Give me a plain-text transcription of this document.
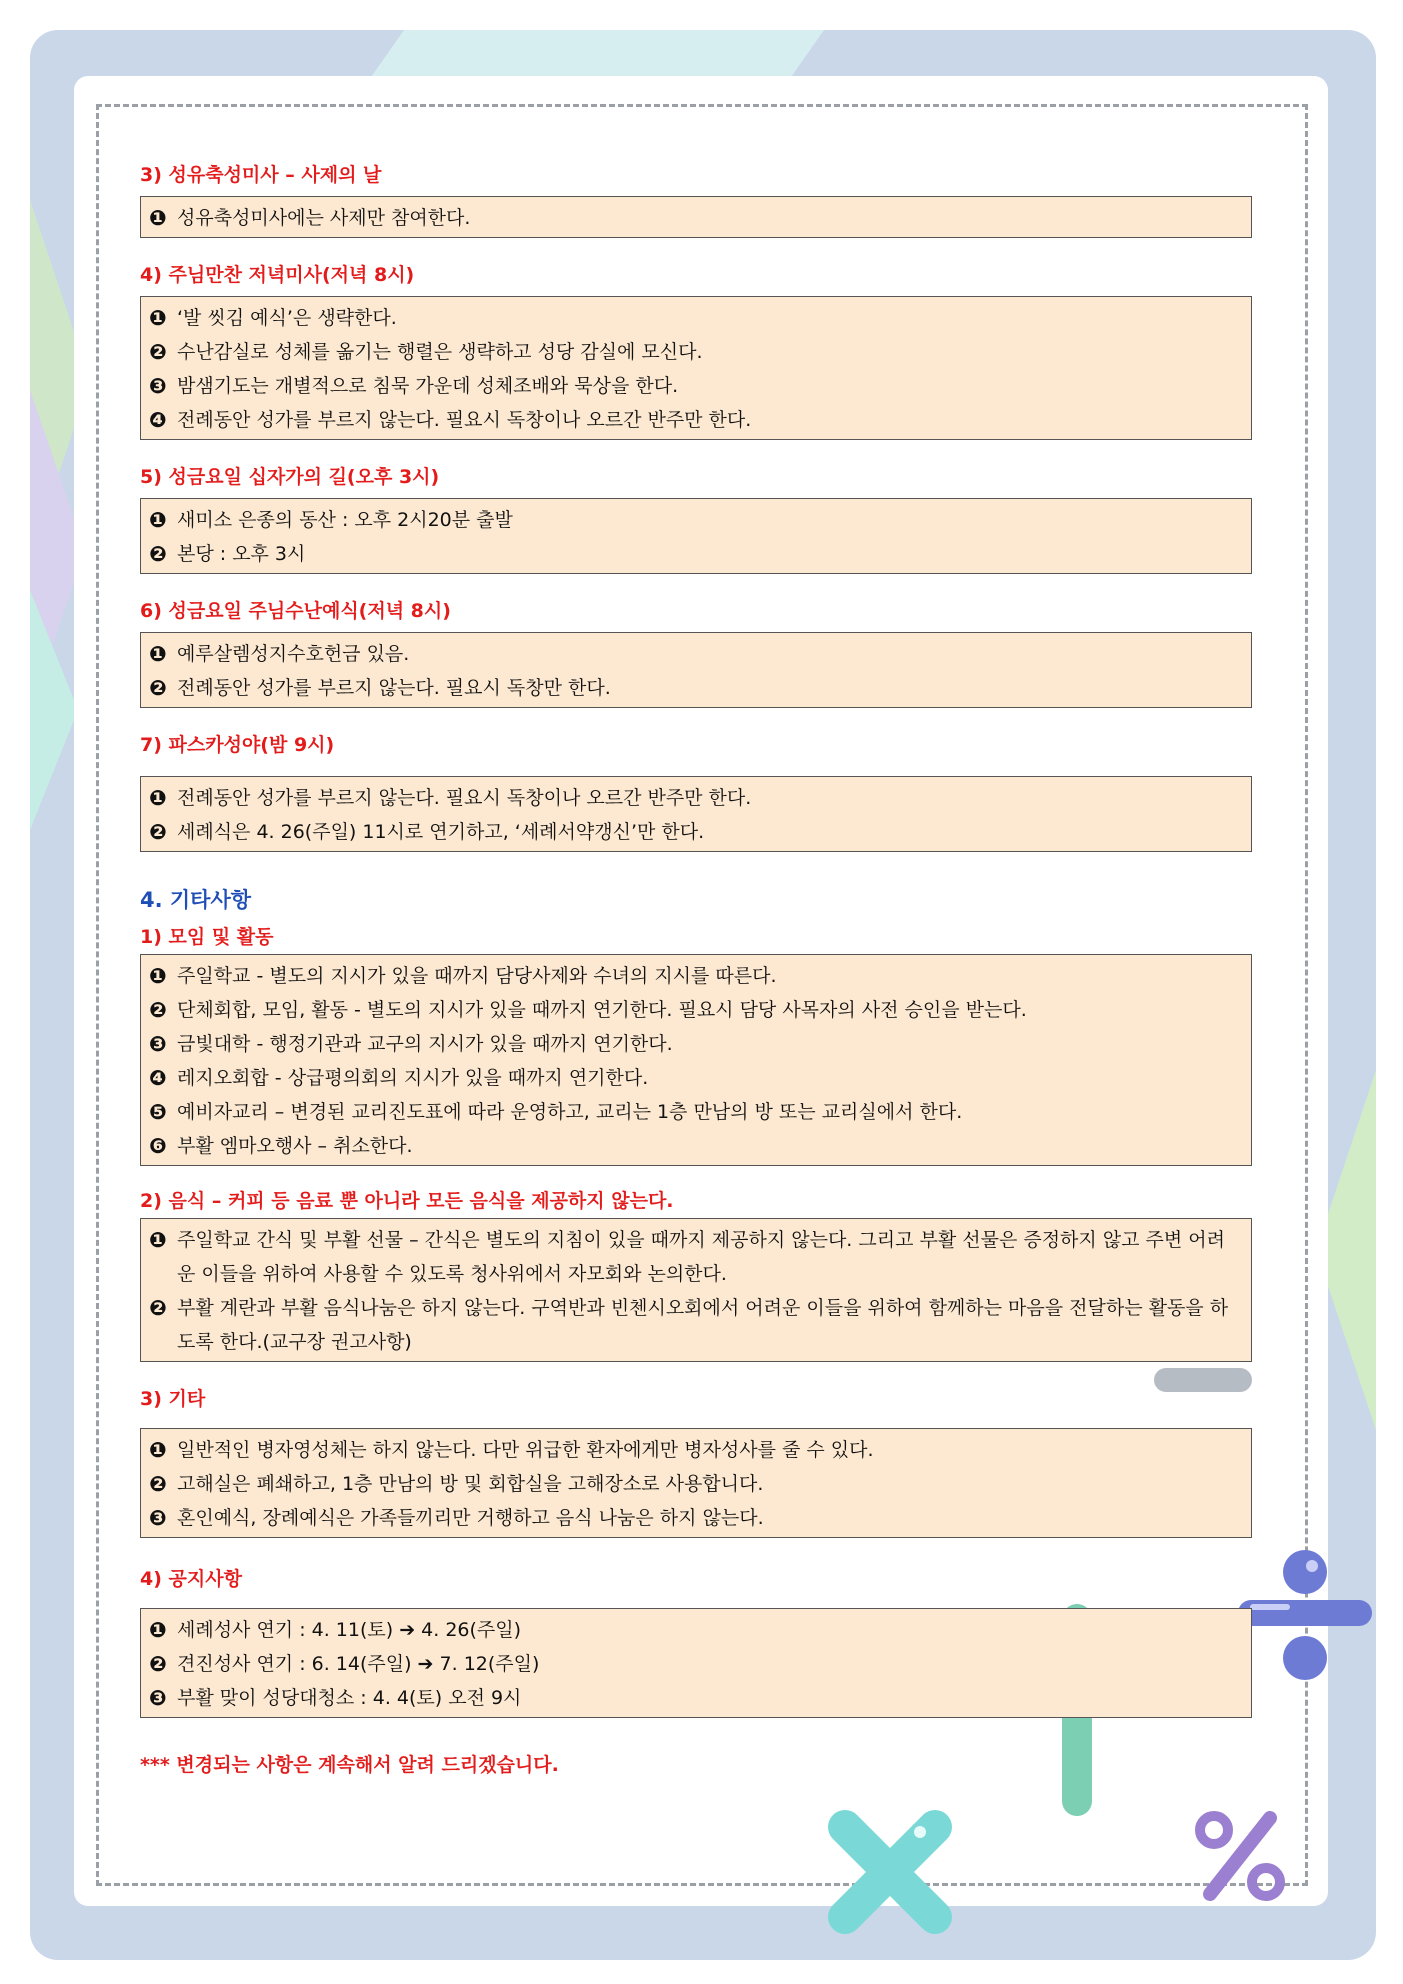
3) 성유축성미사 – 사제의 날
❶ 성유축성미사에는 사제만 참여한다.
4) 주님만찬 저녁미사(저녁 8시)
❶ ‘발 씻김 예식’은 생략한다.
❷ 수난감실로 성체를 옮기는 행렬은 생략하고 성당 감실에 모신다.
❸ 밤샘기도는 개별적으로 침묵 가운데 성체조배와 묵상을 한다.
❹ 전례동안 성가를 부르지 않는다. 필요시 독창이나 오르간 반주만 한다.
5) 성금요일 십자가의 길(오후 3시)
❶ 새미소 은종의 동산 : 오후 2시20분 출발
❷ 본당 : 오후 3시
6) 성금요일 주님수난예식(저녁 8시)
❶ 예루살렘성지수호헌금 있음.
❷ 전례동안 성가를 부르지 않는다. 필요시 독창만 한다.
7) 파스카성야(밤 9시)
❶ 전례동안 성가를 부르지 않는다. 필요시 독창이나 오르간 반주만 한다.
❷ 세례식은 4. 26(주일) 11시로 연기하고, ‘세례서약갱신’만 한다.
4. 기타사항
1) 모임 및 활동
❶ 주일학교 - 별도의 지시가 있을 때까지 담당사제와 수녀의 지시를 따른다.
❷ 단체회합, 모임, 활동 - 별도의 지시가 있을 때까지 연기한다. 필요시 담당 사목자의 사전 승인을 받는다.
❸ 금빛대학 - 행정기관과 교구의 지시가 있을 때까지 연기한다.
❹ 레지오회합 - 상급평의회의 지시가 있을 때까지 연기한다.
❺ 예비자교리 – 변경된 교리진도표에 따라 운영하고, 교리는 1층 만남의 방 또는 교리실에서 한다.
❻ 부활 엠마오행사 – 취소한다.
2) 음식 – 커피 등 음료 뿐 아니라 모든 음식을 제공하지 않는다.
❶ 주일학교 간식 및 부활 선물 – 간식은 별도의 지침이 있을 때까지 제공하지 않는다. 그리고 부활 선물은 증정하지 않고 주변 어려운 이들을 위하여 사용할 수 있도록 청사위에서 자모회와 논의한다.
❷ 부활 계란과 부활 음식나눔은 하지 않는다. 구역반과 빈첸시오회에서 어려운 이들을 위하여 함께하는 마음을 전달하는 활동을 하도록 한다.(교구장 권고사항)
3) 기타
❶ 일반적인 병자영성체는 하지 않는다. 다만 위급한 환자에게만 병자성사를 줄 수 있다.
❷ 고해실은 폐쇄하고, 1층 만남의 방 및 회합실을 고해장소로 사용합니다.
❸ 혼인예식, 장례예식은 가족들끼리만 거행하고 음식 나눔은 하지 않는다.
4) 공지사항
❶ 세례성사 연기 : 4. 11(토) ➔ 4. 26(주일)
❷ 견진성사 연기 : 6. 14(주일) ➔ 7. 12(주일)
❸ 부활 맞이 성당대청소 : 4. 4(토) 오전 9시
*** 변경되는 사항은 계속해서 알려 드리겠습니다.
